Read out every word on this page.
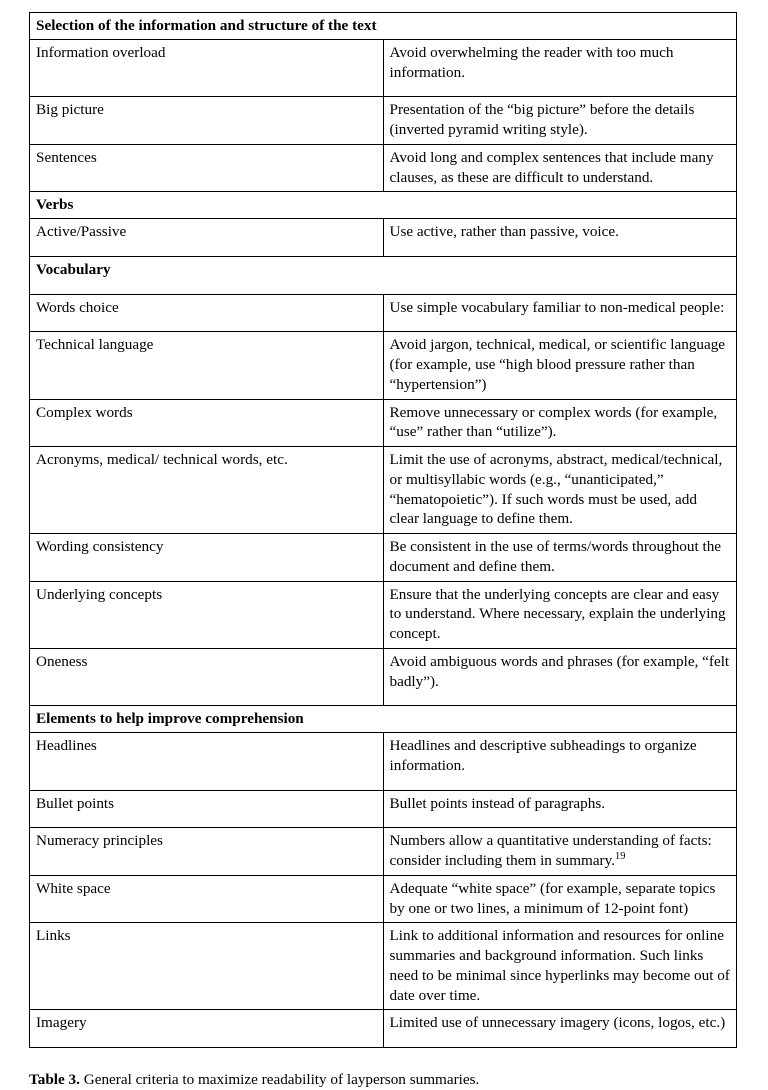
Selection of the information and structure of the text	
Information overload	Avoid overwhelming the reader with too much information.
Big picture	Presentation of the “big picture” before the details (inverted pyramid writing style).
Sentences	Avoid long and complex sentences that include many clauses, as these are difficult to understand.
Verbs	
Active/Passive	Use active, rather than passive, voice.
Vocabulary	
Words choice	Use simple vocabulary familiar to non-medical people:
Technical language	Avoid jargon, technical, medical, or scientific language (for example, use “high blood pressure rather than “hypertension”)
Complex words	Remove unnecessary or complex words (for example, “use” rather than “utilize”).
Acronyms, medical/ technical words, etc.	Limit the use of acronyms, abstract, medical/technical, or multisyllabic words (e.g., “unanticipated,” “hematopoietic”). If such words must be used, add clear language to define them.
Wording consistency	Be consistent in the use of terms/words throughout the document and define them.
Underlying concepts	Ensure that the underlying concepts are clear and easy to understand. Where necessary, explain the underlying concept.
Oneness	Avoid ambiguous words and phrases (for example, “felt badly”).
Elements to help improve comprehension	
Headlines	Headlines and descriptive subheadings to organize information.
Bullet points	Bullet points instead of paragraphs.
Numeracy principles	Numbers allow a quantitative understanding of facts: consider including them in summary.$^{19}$
White space	Adequate “white space” (for example, separate topics by one or two lines, a minimum of 12-point font)
Links	Link to additional information and resources for online summaries and background information. Such links need to be minimal since hyperlinks may become out of date over time.
Imagery	Limited use of unnecessary imagery (icons, logos, etc.)
Table 3. General criteria to maximize readability of layperson summaries.
